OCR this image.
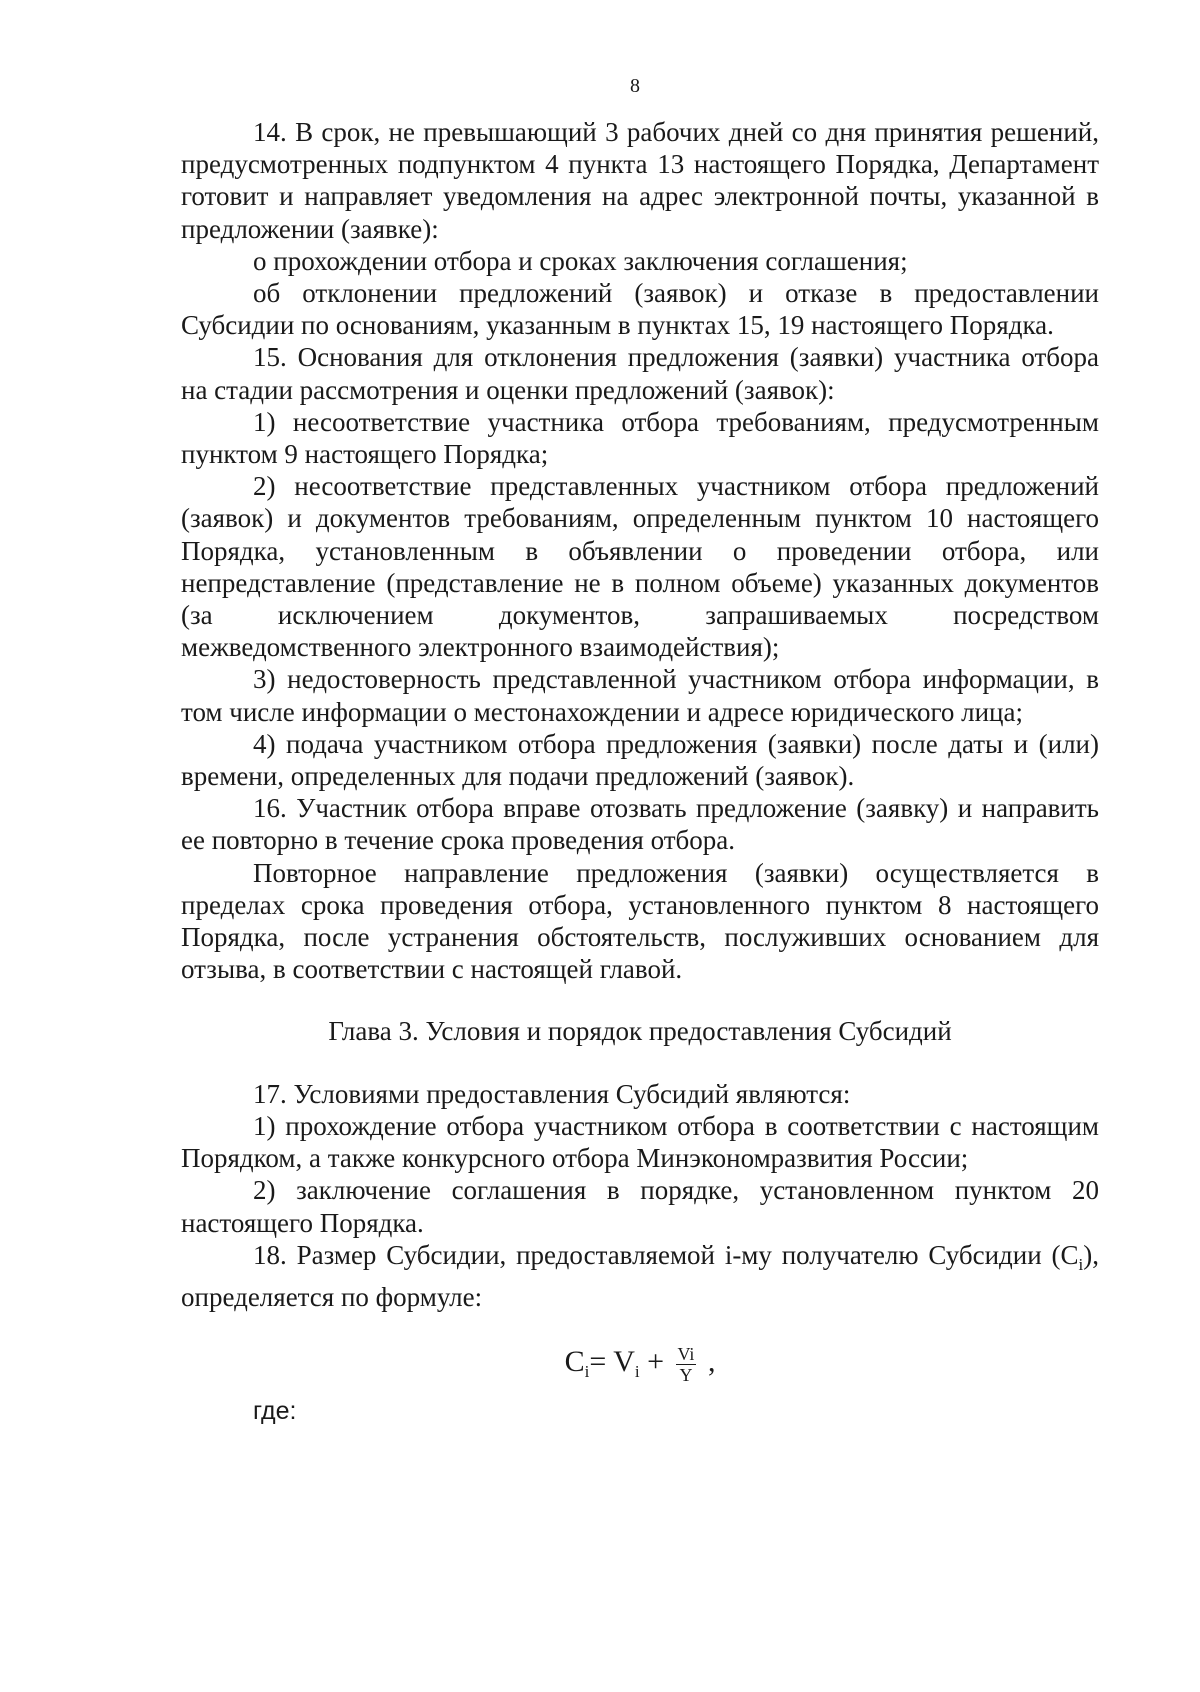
8

14. В срок, не превышающий 3 рабочих дней со дня принятия решений, предусмотренных подпунктом 4 пункта 13 настоящего Порядка, Департамент готовит и направляет уведомления на адрес электронной почты, указанной в предложении (заявке):

о прохождении отбора и сроках заключения соглашения;

об отклонении предложений (заявок) и отказе в предоставлении Субсидии по основаниям, указанным в пунктах 15, 19 настоящего Порядка.

15. Основания для отклонения предложения (заявки) участника отбора на стадии рассмотрения и оценки предложений (заявок):

1) несоответствие участника отбора требованиям, предусмотренным пунктом 9 настоящего Порядка;

2) несоответствие представленных участником отбора предложений (заявок) и документов требованиям, определенным пунктом 10 настоящего Порядка, установленным в объявлении о проведении отбора, или непредставление (представление не в полном объеме) указанных документов (за исключением документов, запрашиваемых посредством межведомственного электронного взаимодействия);

3) недостоверность представленной участником отбора информации, в том числе информации о местонахождении и адресе юридического лица;

4) подача участником отбора предложения (заявки) после даты и (или) времени, определенных для подачи предложений (заявок).

16. Участник отбора вправе отозвать предложение (заявку) и направить ее повторно в течение срока проведения отбора.

Повторное направление предложения (заявки) осуществляется в пределах срока проведения отбора, установленного пунктом 8 настоящего Порядка, после устранения обстоятельств, послуживших основанием для отзыва, в соответствии с настоящей главой.

Глава 3. Условия и порядок предоставления Субсидий

17. Условиями предоставления Субсидий являются:

1) прохождение отбора участником отбора в соответствии с настоящим Порядком, а также конкурсного отбора Минэкономразвития России;

2) заключение соглашения в порядке, установленном пунктом 20 настоящего Порядка.

18. Размер Субсидии, предоставляемой i-му получателю Субсидии $(C_i)$, определяется по формуле:

$C_i= V_i + \frac{Vi}{Y}$ ,

где:
